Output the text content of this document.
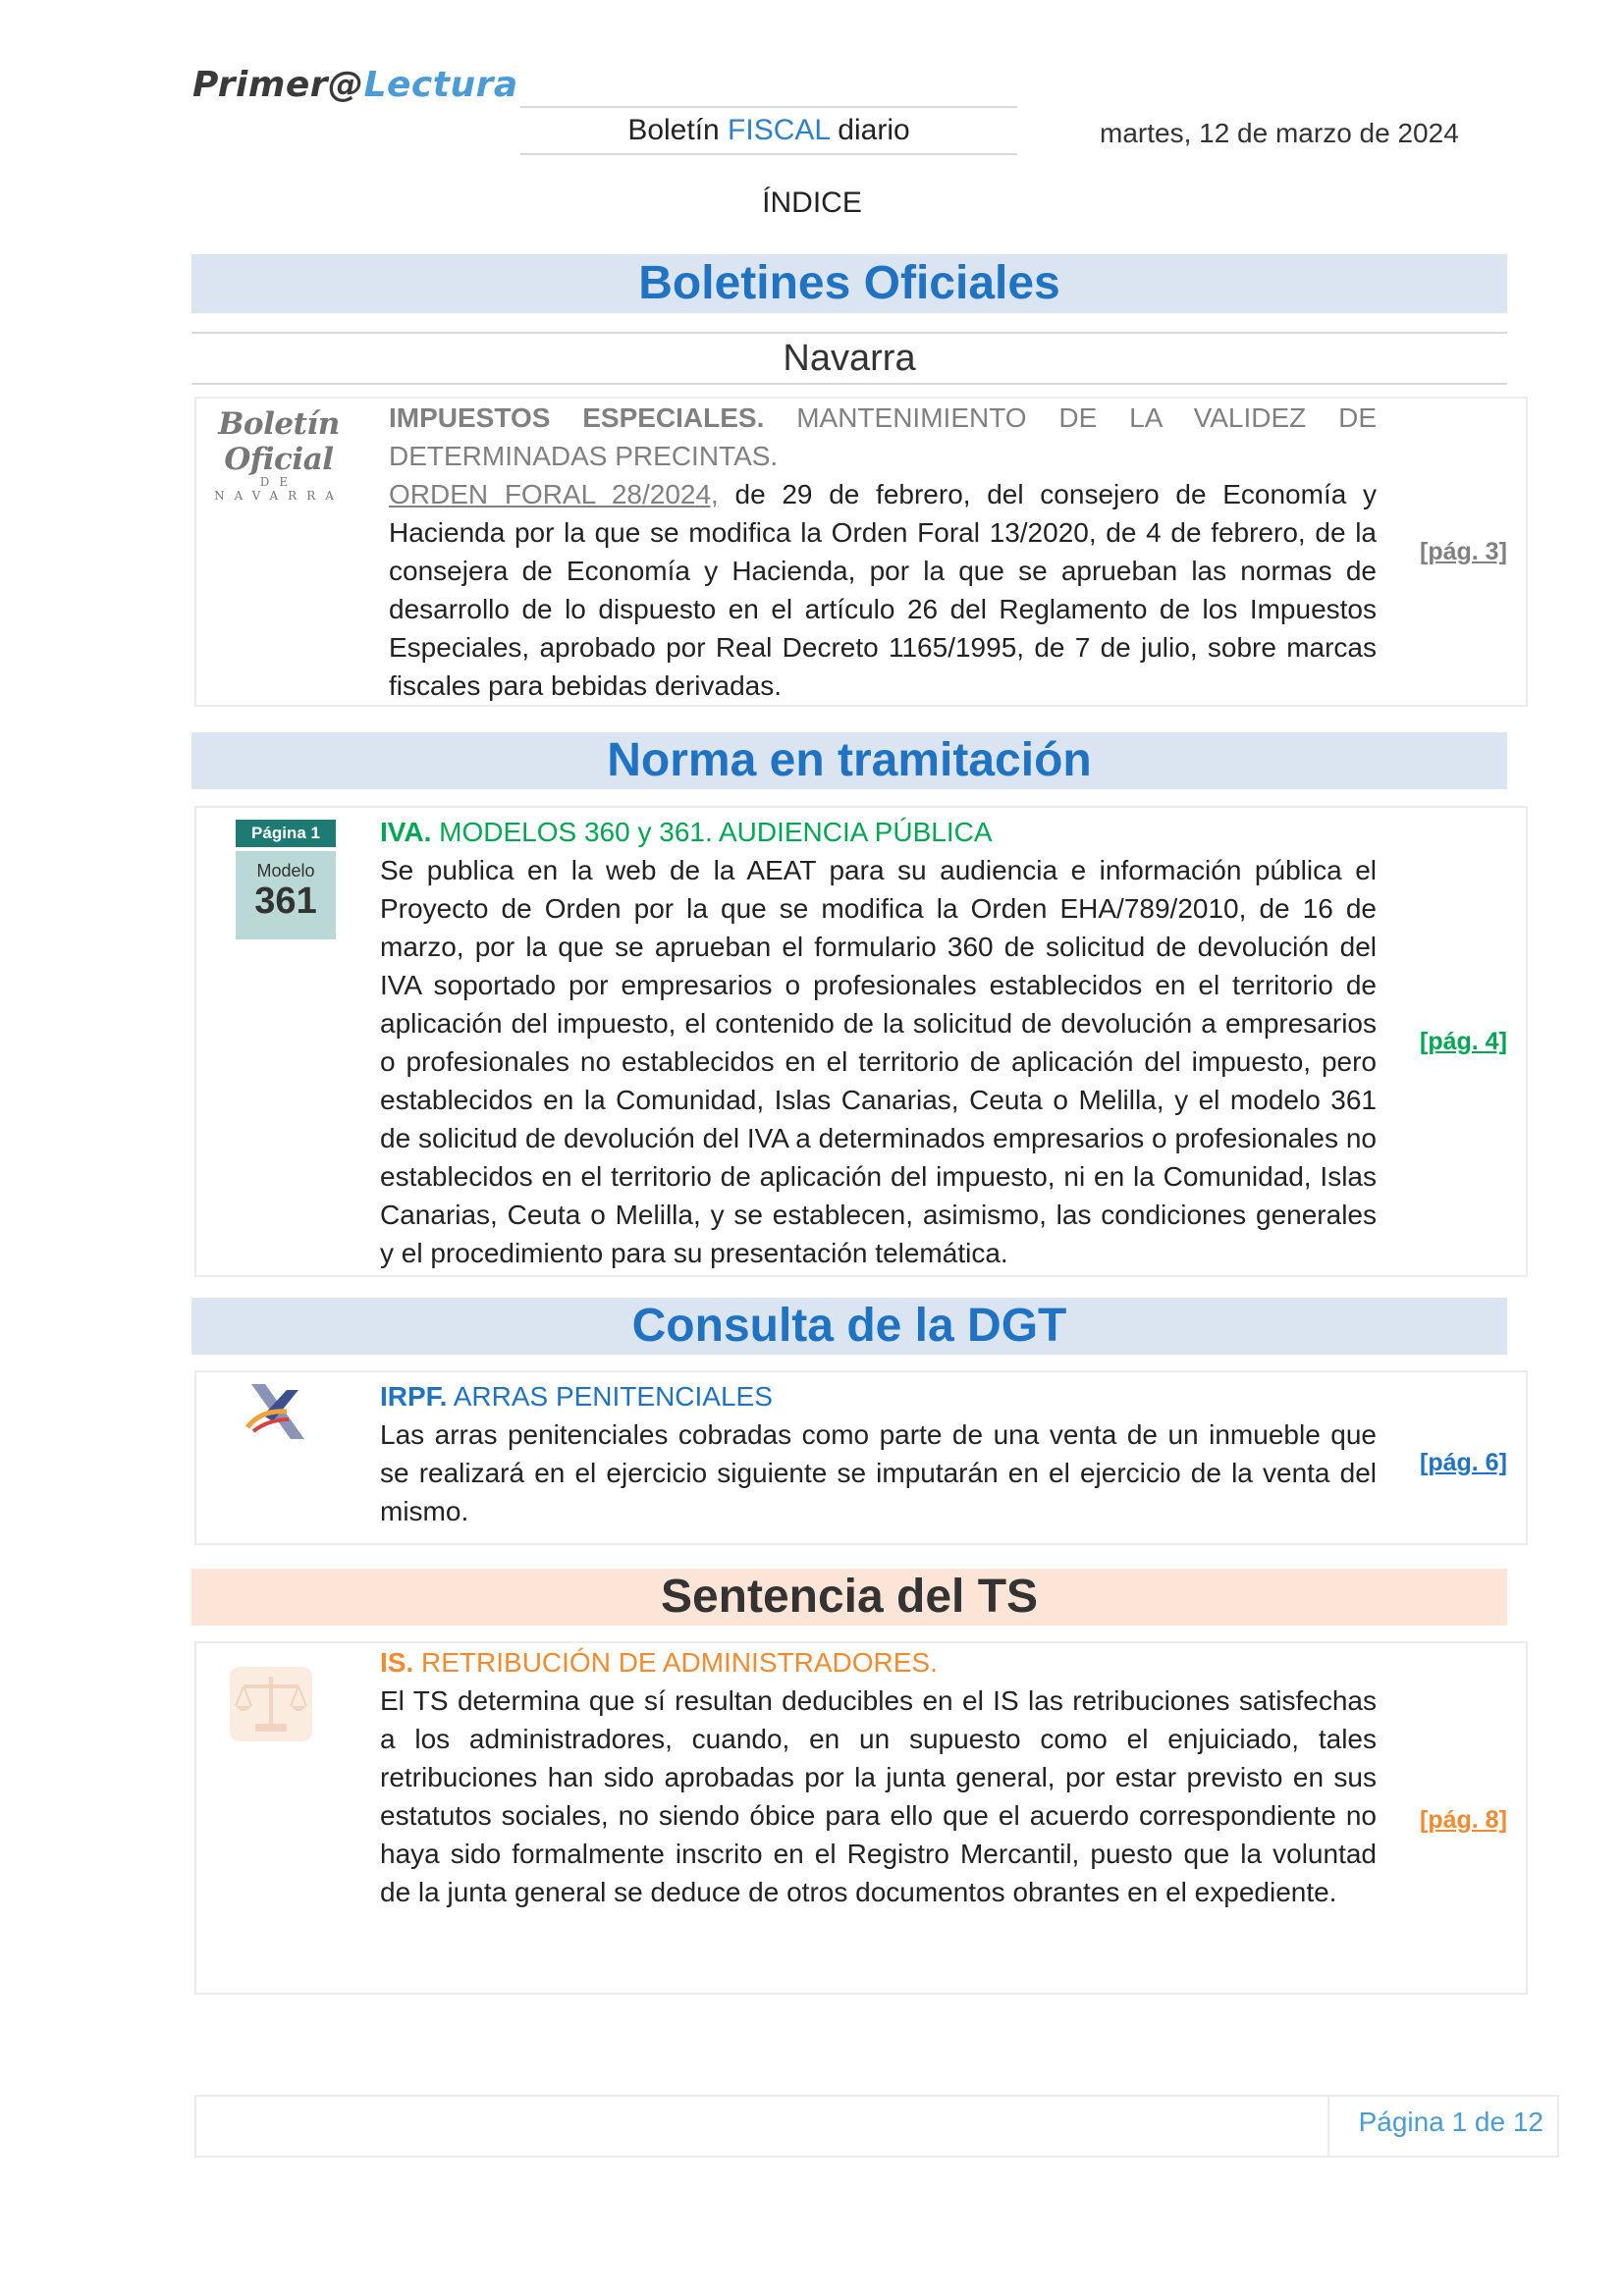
Primer@Lectura
Boletín FISCAL diario	martes, 12 de marzo de 2024
ÍNDICE
Boletines Oficiales
Navarra
Boletín Oficial
DE NAVARRA

IMPUESTOS ESPECIALES. MANTENIMIENTO DE LA VALIDEZ DE DETERMINADAS PRECINTAS.

ORDEN FORAL 28/2024, de 29 de febrero, del consejero de Economía y Hacienda por la que se modifica la Orden Foral 13/2020, de 4 de febrero, de la consejera de Economía y Hacienda, por la que se aprueban las normas de desarrollo de lo dispuesto en el artículo 26 del Reglamento de los Impuestos Especiales, aprobado por Real Decreto 1165/1995, de 7 de julio, sobre marcas fiscales para bebidas derivadas.

[pág. 3]
Norma en tramitación
Página 1
Modelo
361

IVA. MODELOS 360 y 361. AUDIENCIA PÚBLICA

Se publica en la web de la AEAT para su audiencia e información pública el Proyecto de Orden por la que se modifica la Orden EHA/789/2010, de 16 de marzo, por la que se aprueban el formulario 360 de solicitud de devolución del IVA soportado por empresarios o profesionales establecidos en el territorio de aplicación del impuesto, el contenido de la solicitud de devolución a empresarios o profesionales no establecidos en el territorio de aplicación del impuesto, pero establecidos en la Comunidad, Islas Canarias, Ceuta o Melilla, y el modelo 361 de solicitud de devolución del IVA a determinados empresarios o profesionales no establecidos en el territorio de aplicación del impuesto, ni en la Comunidad, Islas Canarias, Ceuta o Melilla, y se establecen, asimismo, las condiciones generales y el procedimiento para su presentación telemática.

[pág. 4]
Consulta de la DGT

IRPF. ARRAS PENITENCIALES

Las arras penitenciales cobradas como parte de una venta de un inmueble que se realizará en el ejercicio siguiente se imputarán en el ejercicio de la venta del mismo.

[pág. 6]
Sentencia del TS

IS. RETRIBUCIÓN DE ADMINISTRADORES.

El TS determina que sí resultan deducibles en el IS las retribuciones satisfechas a los administradores, cuando, en un supuesto como el enjuiciado, tales retribuciones han sido aprobadas por la junta general, por estar previsto en sus estatutos sociales, no siendo óbice para ello que el acuerdo correspondiente no haya sido formalmente inscrito en el Registro Mercantil, puesto que la voluntad de la junta general se deduce de otros documentos obrantes en el expediente.

[pág. 8]
Página 1 de 12
